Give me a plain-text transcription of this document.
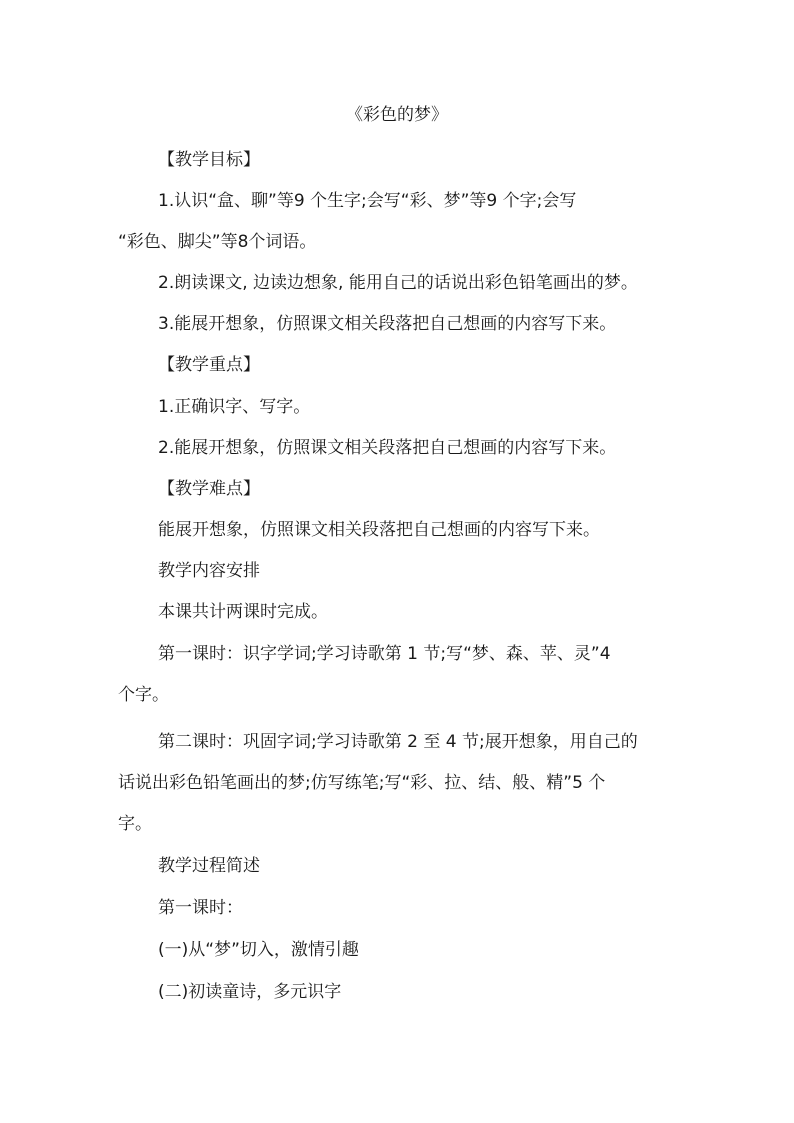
《彩色的梦》
【教学目标】
1.认识“盒、聊”等9 个生字;会写“彩、梦”等9 个字;会写
“彩色、脚尖”等8个词语。
2.朗读课文, 边读边想象, 能用自己的话说出彩色铅笔画出的梦。
3.能展开想象，仿照课文相关段落把自己想画的内容写下来。
【教学重点】
1.正确识字、写字。
2.能展开想象，仿照课文相关段落把自己想画的内容写下来。
【教学难点】
能展开想象，仿照课文相关段落把自己想画的内容写下来。
教学内容安排
本课共计两课时完成。
第一课时：识字学词;学习诗歌第 1 节;写“梦、森、苹、灵”4
个字。
第二课时：巩固字词;学习诗歌第 2 至 4 节;展开想象，用自己的
话说出彩色铅笔画出的梦;仿写练笔;写“彩、拉、结、般、精”5 个
字。
教学过程简述
第一课时：
(一)从“梦”切入，激情引趣
(二)初读童诗，多元识字
